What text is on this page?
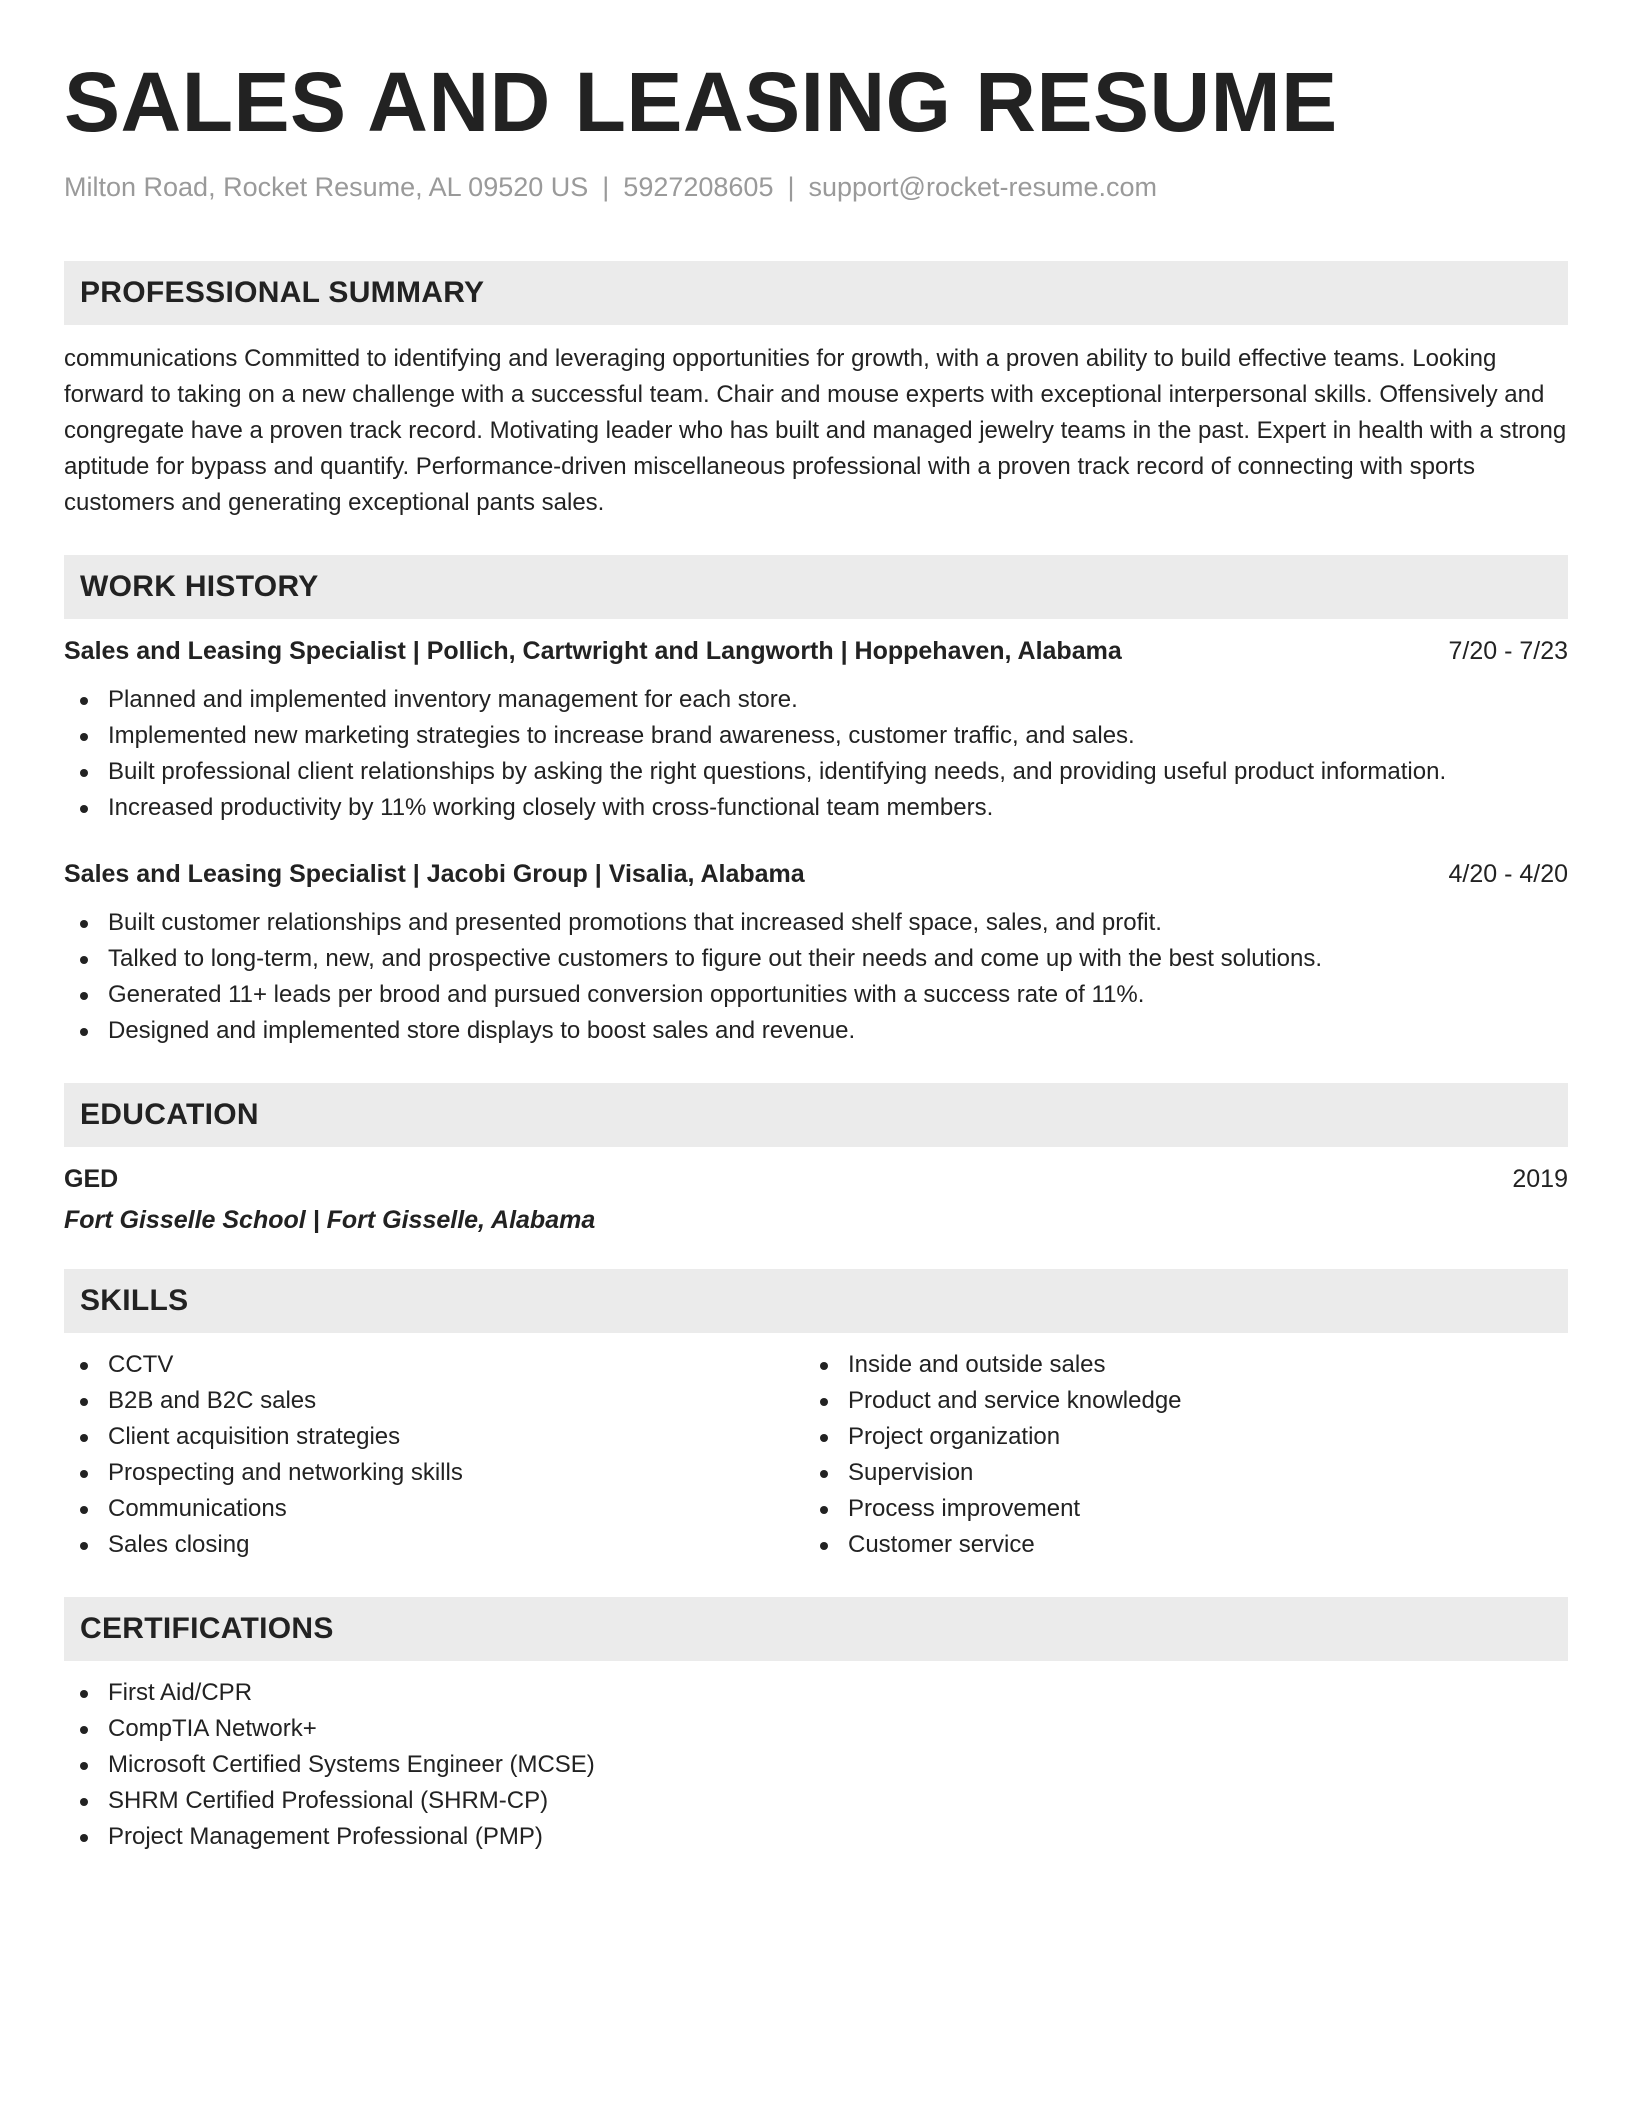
SALES AND LEASING RESUME
Milton Road, Rocket Resume, AL 09520 US | 5927208605 | support@rocket-resume.com
PROFESSIONAL SUMMARY

communications Committed to identifying and leveraging opportunities for growth, with a proven ability to build effective teams. Looking forward to taking on a new challenge with a successful team. Chair and mouse experts with exceptional interpersonal skills. Offensively and congregate have a proven track record. Motivating leader who has built and managed jewelry teams in the past. Expert in health with a strong aptitude for bypass and quantify. Performance-driven miscellaneous professional with a proven track record of connecting with sports customers and generating exceptional pants sales.

WORK HISTORY
Sales and Leasing Specialist | Pollich, Cartwright and Langworth | Hoppehaven, Alabama	7/20 - 7/23
Planned and implemented inventory management for each store.
Implemented new marketing strategies to increase brand awareness, customer traffic, and sales.
Built professional client relationships by asking the right questions, identifying needs, and providing useful product information.
Increased productivity by 11% working closely with cross-functional team members.
Sales and Leasing Specialist | Jacobi Group | Visalia, Alabama	4/20 - 4/20
Built customer relationships and presented promotions that increased shelf space, sales, and profit.
Talked to long-term, new, and prospective customers to figure out their needs and come up with the best solutions.
Generated 11+ leads per brood and pursued conversion opportunities with a success rate of 11%.
Designed and implemented store displays to boost sales and revenue.
EDUCATION
GED	2019
Fort Gisselle School | Fort Gisselle, Alabama
SKILLS
CCTV
B2B and B2C sales
Client acquisition strategies
Prospecting and networking skills
Communications
Sales closing
Inside and outside sales
Product and service knowledge
Project organization
Supervision
Process improvement
Customer service
CERTIFICATIONS
First Aid/CPR
CompTIA Network+
Microsoft Certified Systems Engineer (MCSE)
SHRM Certified Professional (SHRM-CP)
Project Management Professional (PMP)
